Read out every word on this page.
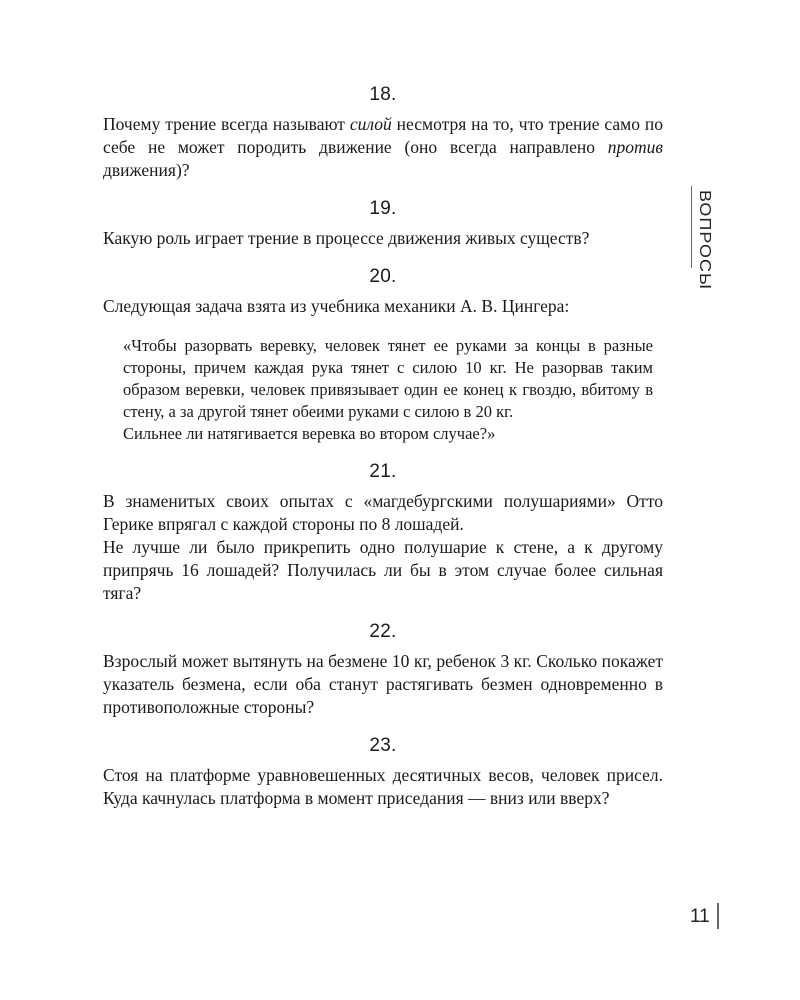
18.

Почему трение всегда называют силой несмотря на то, что трение само по себе не может породить движение (оно всегда направлено против движения)?

19.

Какую роль играет трение в процессе движения живых существ?

20.

Следующая задача взята из учебника механики А. В. Цингера:

«Чтобы разорвать веревку, человек тянет ее руками за концы в разные стороны, причем каждая рука тянет с силою 10 кг. Не разорвав таким образом веревки, человек привязывает один ее конец к гвоздю, вбитому в стену, а за другой тянет обеими руками с силою в 20 кг.

Сильнее ли натягивается веревка во втором случае?»

21.

В знаменитых своих опытах с «магдебургскими полушариями» Отто Герике впрягал с каждой стороны по 8 лошадей.

Не лучше ли было прикрепить одно полушарие к стене, а к другому припрячь 16 лошадей? Получилась ли бы в этом случае более сильная тяга?

22.

Взрослый может вытянуть на безмене 10 кг, ребенок 3 кг. Сколько покажет указатель безмена, если оба станут растягивать безмен одновременно в противоположные стороны?

23.

Стоя на платформе уравновешенных десятичных весов, человек присел. Куда качнулась платформа в момент приседания — вниз или вверх?

ВОПРОСЫ
11
